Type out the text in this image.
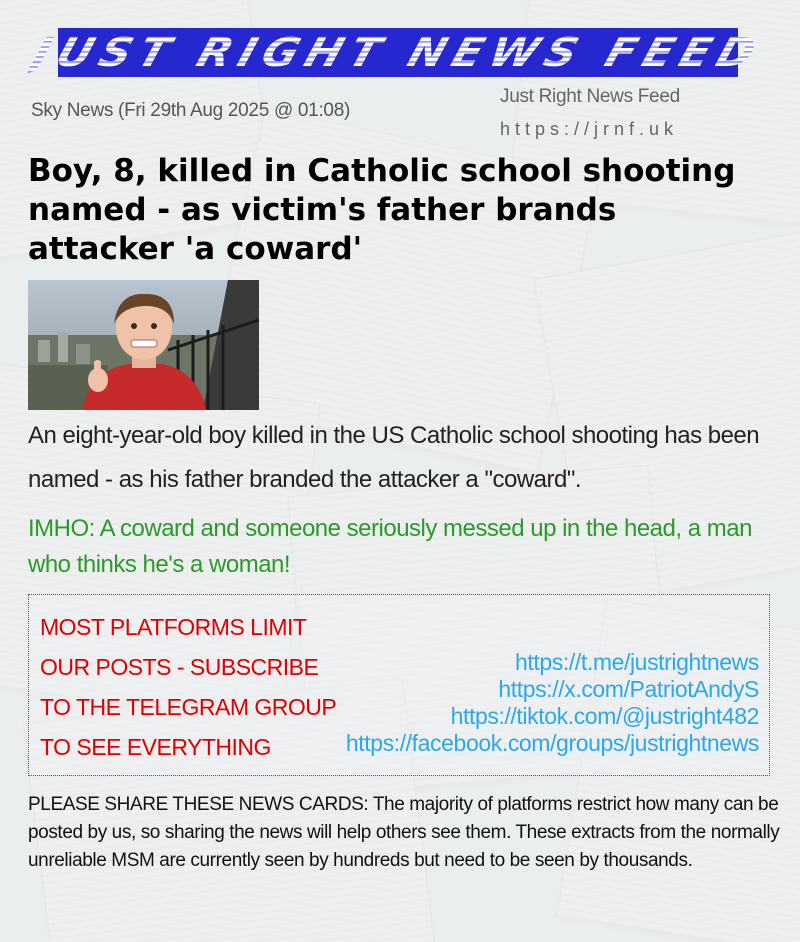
JUST RIGHT NEWS FEED
Sky News (Fri 29th Aug 2025 @ 01:08)
Just Right News Feed
https://jrnf.uk
Boy, 8, killed in Catholic school shooting named - as victim's father brands attacker 'a coward'

An eight-year-old boy killed in the US Catholic school shooting has been named - as his father branded the attacker a "coward".

IMHO: A coward and someone seriously messed up in the head, a man who thinks he's a woman!

MOST PLATFORMS LIMIT
OUR POSTS - SUBSCRIBE
TO THE TELEGRAM GROUP
TO SEE EVERYTHING
https://t.me/justrightnews
https://x.com/PatriotAndyS
https://tiktok.com/@justright482
https://facebook.com/groups/justrightnews

PLEASE SHARE THESE NEWS CARDS: The majority of platforms restrict how many can be posted by us, so sharing the news will help others see them. These extracts from the normally unreliable MSM are currently seen by hundreds but need to be seen by thousands.
